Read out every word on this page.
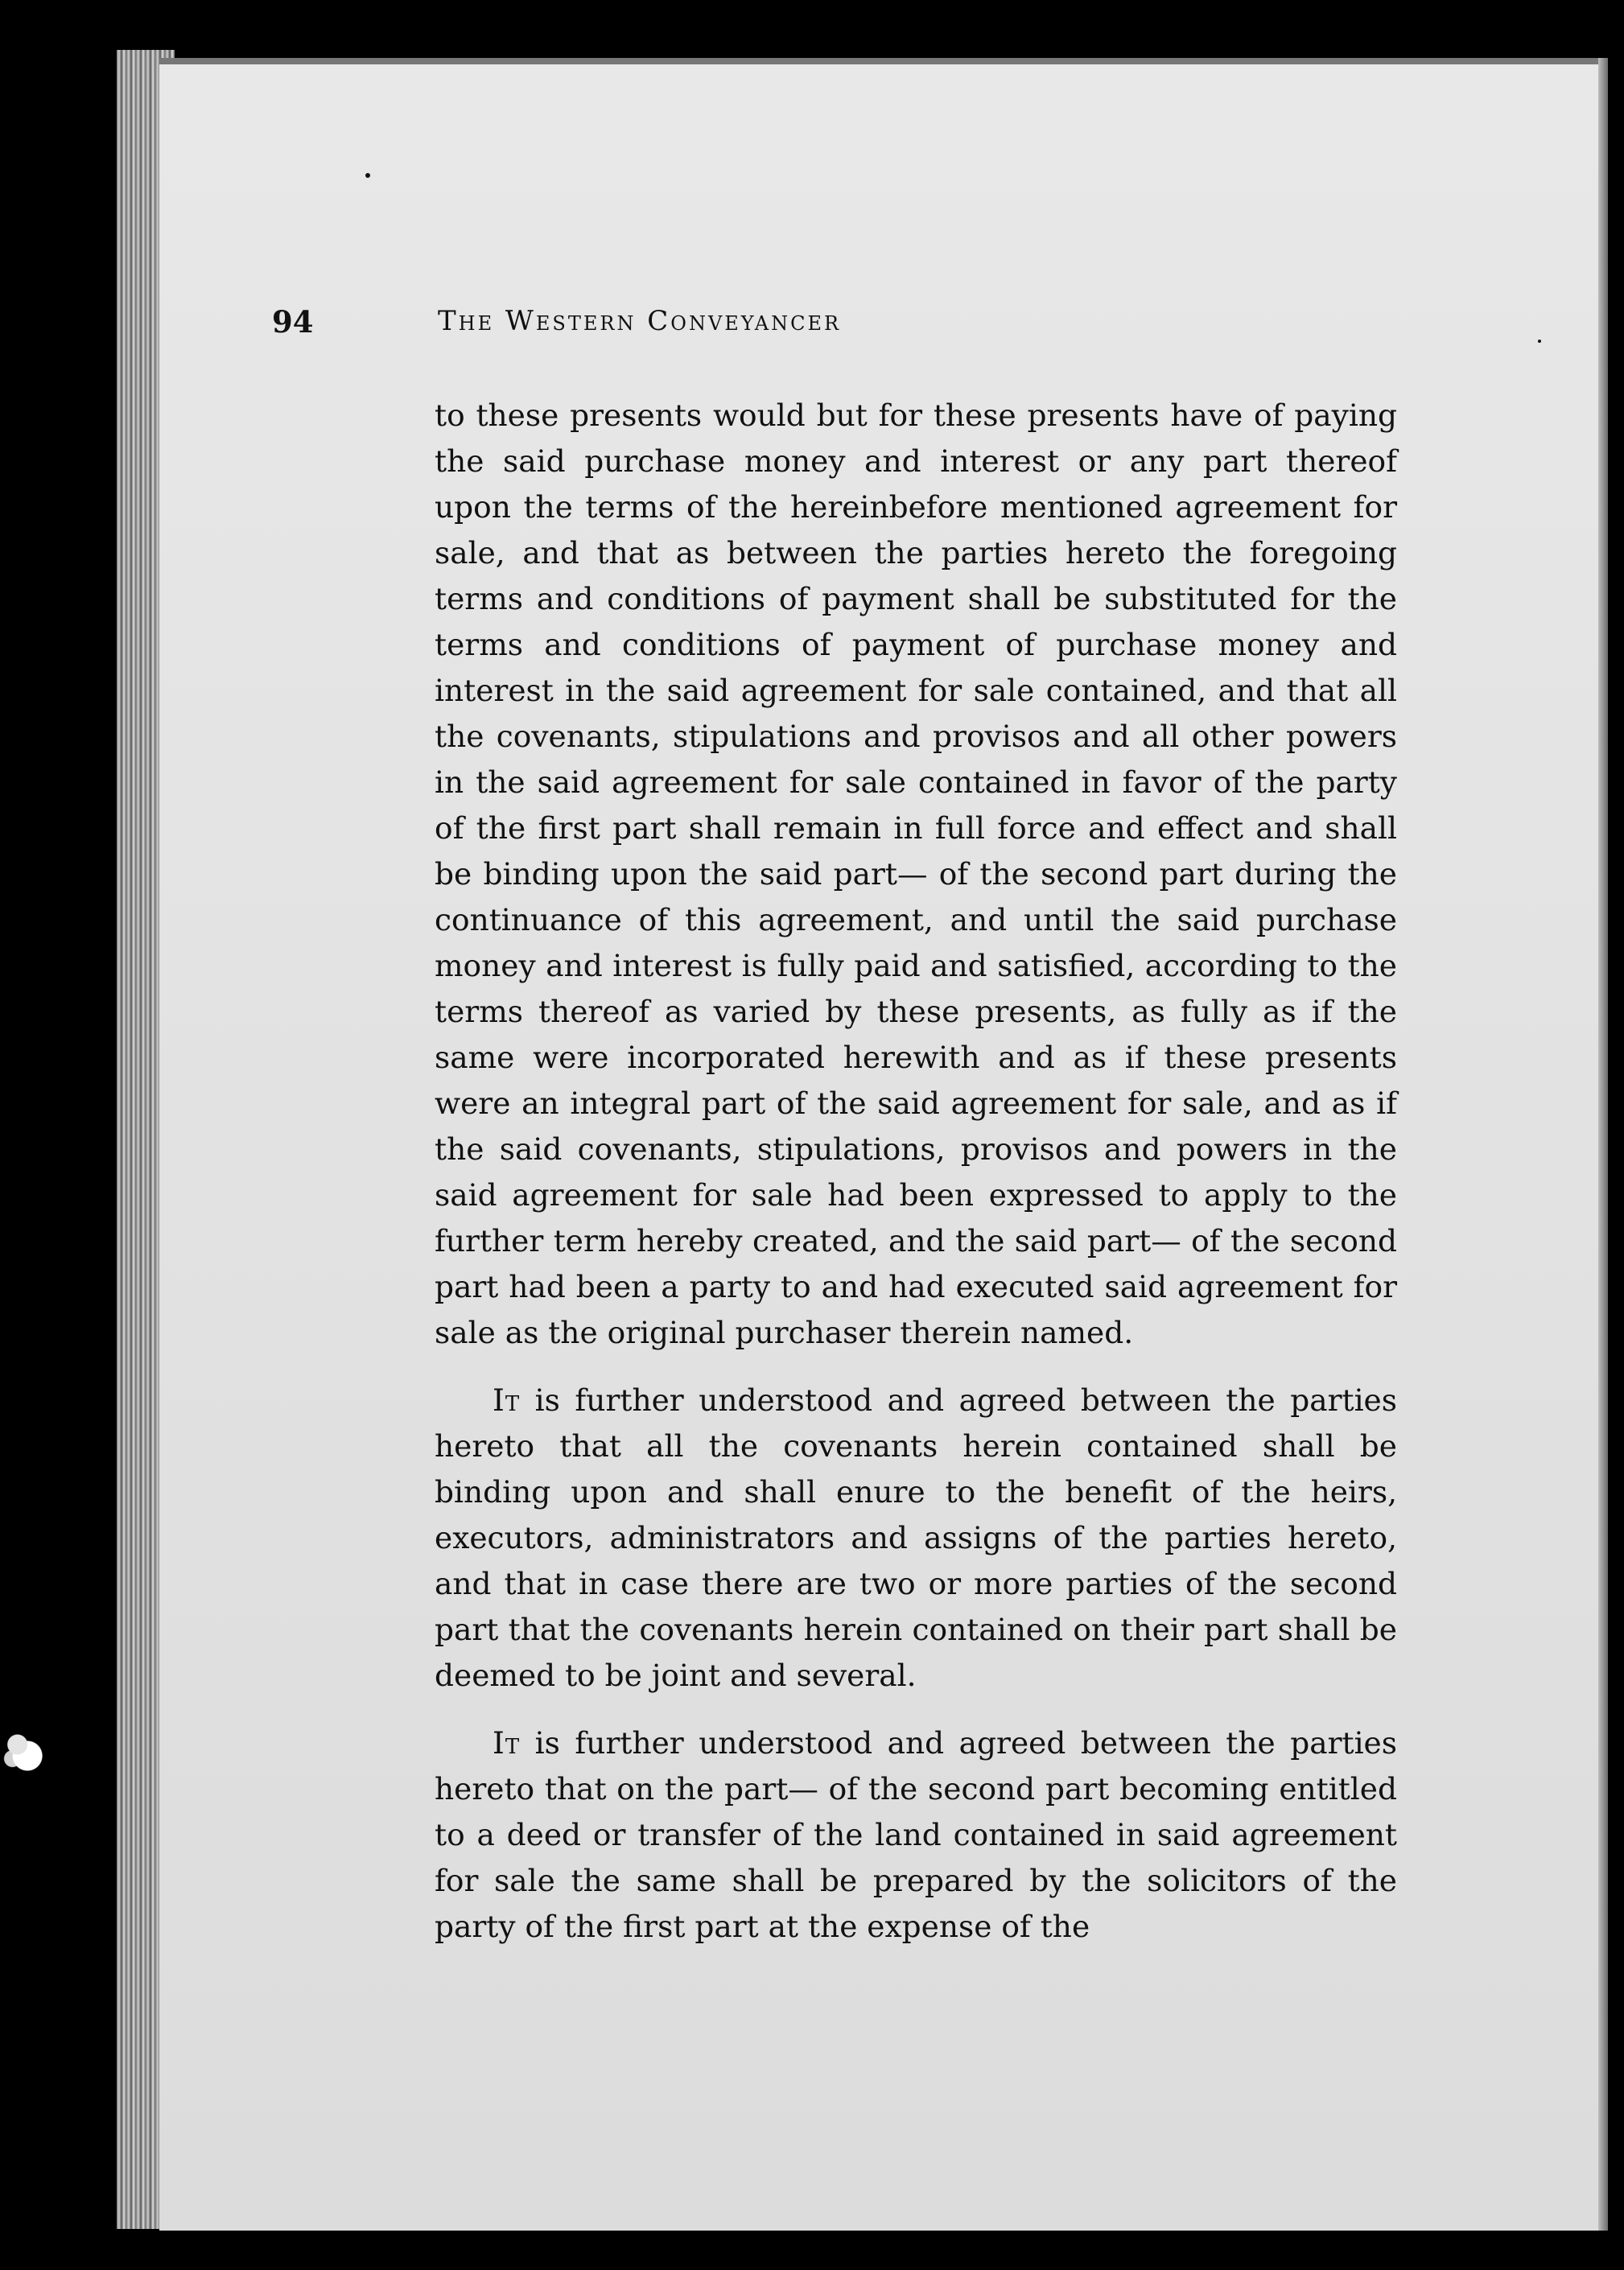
94	The Western Conveyancer

to these presents would but for these presents have of paying the said purchase money and interest or any part thereof upon the terms of the hereinbefore mentioned agreement for sale, and that as between the parties hereto the foregoing terms and conditions of payment shall be substituted for the terms and conditions of payment of purchase money and interest in the said agreement for sale contained, and that all the covenants, stipulations and provisos and all other powers in the said agreement for sale contained in favor of the party of the first part shall remain in full force and effect and shall be binding upon the said part— of the second part during the continuance of this agreement, and until the said purchase money and interest is fully paid and satisfied, according to the terms thereof as varied by these presents, as fully as if the same were incorporated herewith and as if these presents were an integral part of the said agreement for sale, and as if the said covenants, stipulations, provisos and powers in the said agreement for sale had been expressed to apply to the further term hereby created, and the said part— of the second part had been a party to and had executed said agreement for sale as the original purchaser therein named.

It is further understood and agreed between the parties hereto that all the covenants herein contained shall be binding upon and shall enure to the benefit of the heirs, executors, administrators and assigns of the parties hereto, and that in case there are two or more parties of the second part that the covenants herein contained on their part shall be deemed to be joint and several.

It is further understood and agreed between the parties hereto that on the part— of the second part becoming entitled to a deed or transfer of the land contained in said agreement for sale the same shall be prepared by the solicitors of the party of the first part at the expense of the
